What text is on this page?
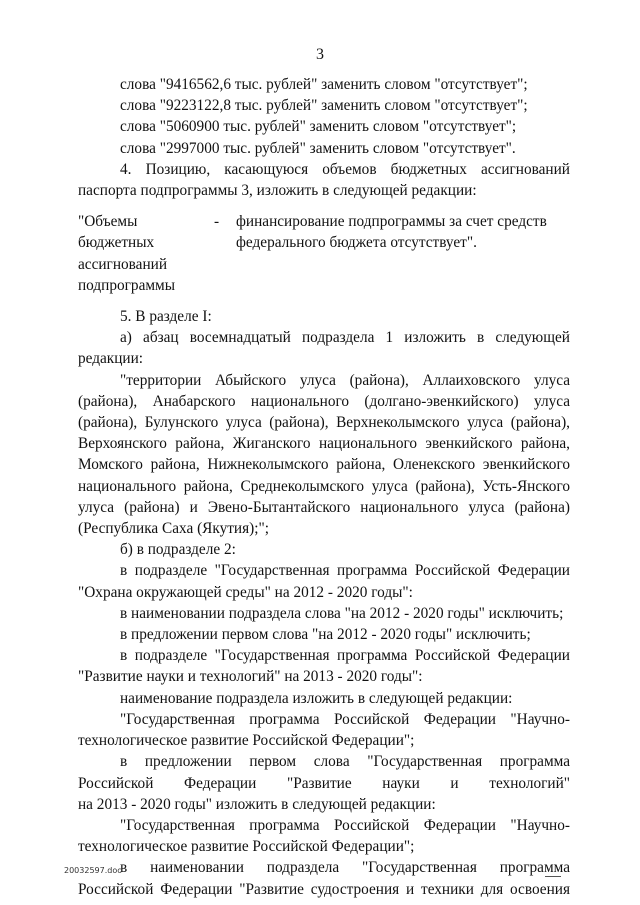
3

слова "9416562,6 тыс. рублей" заменить словом "отсутствует";

слова "9223122,8 тыс. рублей" заменить словом "отсутствует";

слова "5060900 тыс. рублей" заменить словом "отсутствует";

слова "2997000 тыс. рублей" заменить словом "отсутствует".

4. Позицию, касающуюся объемов бюджетных ассигнований

паспорта подпрограммы 3, изложить в следующей редакции:

"Объемы
бюджетных
ассигнований
подпрограммы
-	финансирование подпрограммы за счет средств
федерального бюджета отсутствует".

5. В разделе I:

а) абзац восемнадцатый подраздела 1 изложить в следующей

редакции:

"территории Абыйского улуса (района), Аллаиховского улуса

(района), Анабарского национального (долгано-эвенкийского) улуса

(района), Булунского улуса (района), Верхнеколымского улуса (района),

Верхоянского района, Жиганского национального эвенкийского района,

Момского района, Нижнеколымского района, Оленекского эвенкийского

национального района, Среднеколымского улуса (района), Усть-Янского

улуса (района) и Эвено-Бытантайского национального улуса (района)

(Республика Саха (Якутия);";

б) в подразделе 2:

в подразделе "Государственная программа Российской Федерации

"Охрана окружающей среды" на 2012 - 2020 годы":

в наименовании подраздела слова "на 2012 - 2020 годы" исключить;

в предложении первом слова "на 2012 - 2020 годы" исключить;

в подразделе "Государственная программа Российской Федерации

"Развитие науки и технологий" на 2013 - 2020 годы":

наименование подраздела изложить в следующей редакции:

"Государственная программа Российской Федерации "Научно-

технологическое развитие Российской Федерации";

в предложении первом слова "Государственная программа

Российской Федерации "Развитие науки и технологий"

на 2013 - 2020 годы" изложить в следующей редакции:

"Государственная программа Российской Федерации "Научно-

технологическое развитие Российской Федерации";

в наименовании подраздела "Государственная программа

Российской Федерации "Развитие судостроения и техники для освоения

20032597.doc
